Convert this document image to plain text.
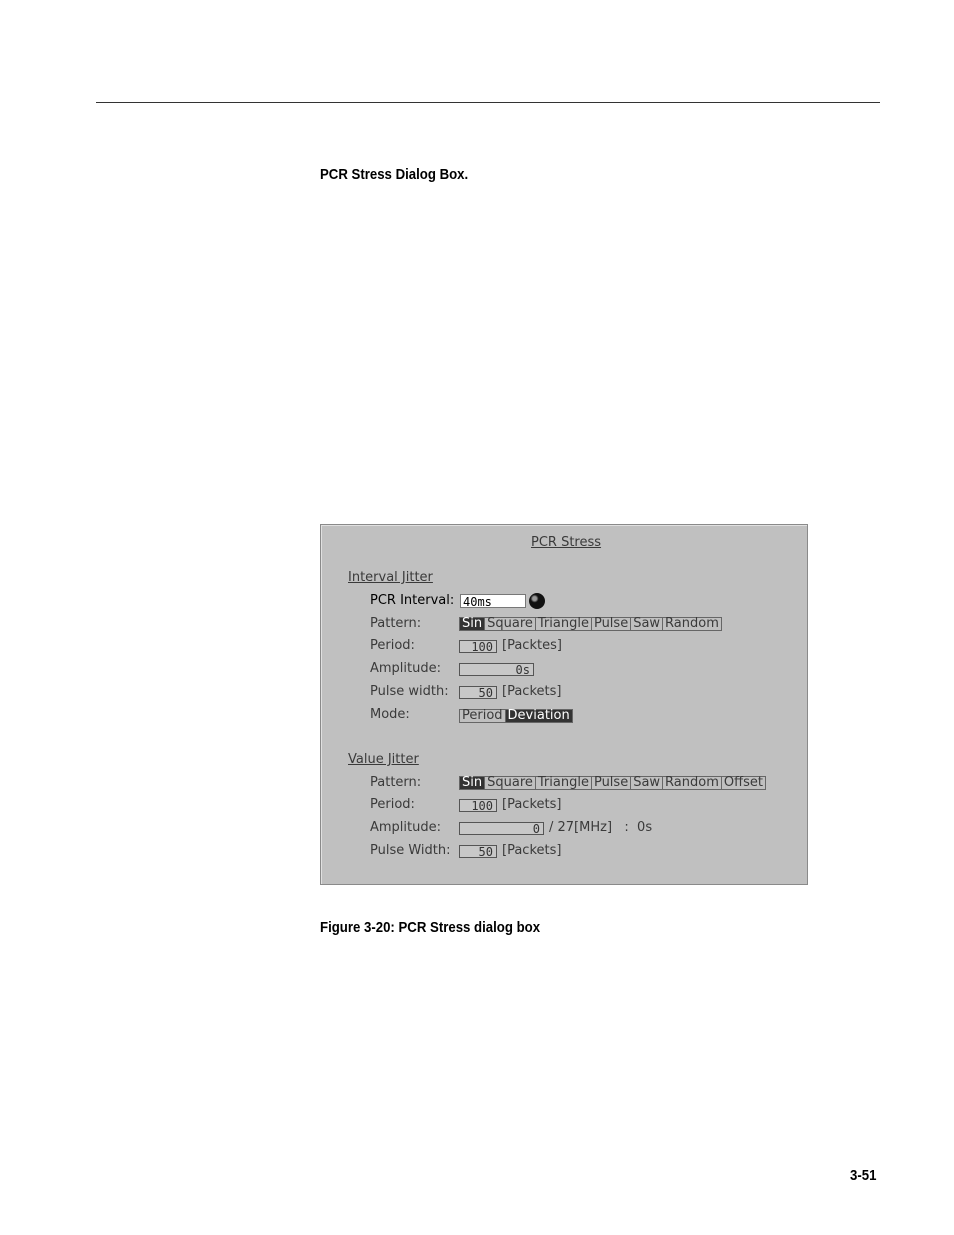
PCR Stress Dialog Box.
PCR Stress
Interval Jitter
PCR Interval: 40ms
Pattern:	Sin Square Triangle Pulse Saw Random
Period:	100 [Packtes]
Amplitude:	0s
Pulse width:	50 [Packets]
Mode:	Period Deviation
Value Jitter
Pattern:	Sin Square Triangle Pulse Saw Random Offset
Period:	100 [Packets]
Amplitude:	0 / 27[MHz]   :  0s
Pulse Width:	50 [Packets]
Figure 3-20: PCR Stress dialog box
3-51
